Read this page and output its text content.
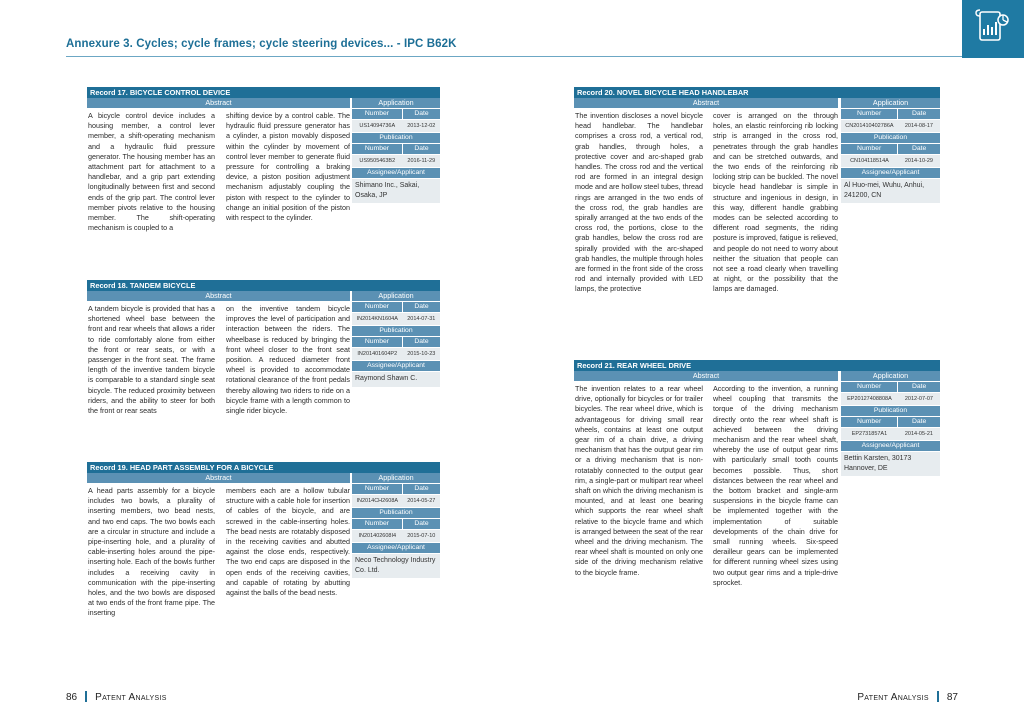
Annexure 3. Cycles; cycle frames; cycle steering devices... - IPC B62K
Record 17. BICYCLE CONTROL DEVICE
Abstract
A bicycle control device includes a housing member, a control lever member, a shift-operating mechanism and a hydraulic fluid pressure generator. The housing member has an attachment part for attachment to a handlebar, and a grip part extending longitudinally between first and second ends of the grip part. The control lever member pivots relative to the housing member. The shift-operating mechanism is coupled to a
shifting device by a control cable. The hydraulic fluid pressure generator has a cylinder, a piston movably disposed within the cylinder by movement of control lever member to generate fluid pressure for controlling a braking device, a piston position adjustment mechanism adjustably coupling the piston with respect to the cylinder to change an initial position of the piston with respect to the cylinder.
Application
Number	Date
US14094736A	2013-12-02
Publication
Number	Date
US9505463B2	2016-11-29
Assignee/Applicant
Shimano Inc., Sakai, Osaka, JP
Record 18. TANDEM BICYCLE
Abstract
A tandem bicycle is provided that has a shortened wheel base between the front and rear wheels that allows a rider to ride comfortably alone from either the front or rear seats, or with a passenger in the front seat. The frame length of the inventive tandem bicycle is comparable to a standard single seat bicycle. The reduced proximity between riders, and the ability to steer for both the front or rear seats
on the inventive tandem bicycle improves the level of participation and interaction between the riders. The wheelbase is reduced by bringing the front wheel closer to the front seat position. A reduced diameter front wheel is provided to accommodate rotational clearance of the front pedals thereby allowing two riders to ride on a bicycle frame with a length common to single rider bicycle.
Application
Number	Date
IN2014KN1604A	2014-07-31
Publication
Number	Date
IN201401604P2	2015-10-23
Assignee/Applicant
Raymond Shawn C.
Record 19. HEAD PART ASSEMBLY FOR A BICYCLE
Abstract
A head parts assembly for a bicycle includes two bowls, a plurality of inserting members, two bead nests, and two end caps. The two bowls each are a circular in structure and include a pipe-inserting hole, and a plurality of cable-inserting holes around the pipe-inserting hole. Each of the bowls further includes a receiving cavity in communication with the pipe-inserting holes, and the two bowls are disposed at two ends of the front frame pipe. The inserting
members each are a hollow tubular structure with a cable hole for insertion of cables of the bicycle, and are screwed in the cable-inserting holes. The bead nests are rotatably disposed in the receiving cavities and abutted against the close ends, respectively. The two end caps are disposed in the open ends of the receiving cavities, and capable of rotating by abutting against the balls of the bead nests.
Application
Number	Date
IN2014CH2608A	2014-05-27
Publication
Number	Date
IN201402608I4	2015-07-10
Assignee/Applicant
Neco Technology Industry Co. Ltd.
Record 20. NOVEL BICYCLE HEAD HANDLEBAR
Abstract
The invention discloses a novel bicycle head handlebar. The handlebar comprises a cross rod, a vertical rod, grab handles, through holes, a protective cover and arc-shaped grab handles. The cross rod and the vertical rod are formed in an integral design mode and are hollow steel tubes, thread rings are arranged in the two ends of the cross rod, the grab handles are spirally arranged at the two ends of the cross rod, the portions, close to the grab handles, below the cross rod are spirally provided with the arc-shaped grab handles, the multiple through holes are formed in the front side of the cross rod and internally provided with LED lamps, the protective
cover is arranged on the through holes, an elastic reinforcing rib locking strip is arranged in the cross rod, penetrates through the grab handles and can be stretched outwards, and the two ends of the reinforcing rib locking strip can be buckled. The novel bicycle head handlebar is simple in structure and ingenious in design, in this way, different handle grabbing modes can be selected according to different road segments, the riding posture is improved, fatigue is relieved, and people do not need to worry about neither the situation that people can not see a road clearly when travelling at night, or the possibility that the lamps are damaged.
Application
Number	Date
CN201410402786A	2014-08-17
Publication
Number	Date
CN104118514A	2014-10-29
Assignee/Applicant
Al Huo-mei, Wuhu, Anhui, 241200, CN
Record 21. REAR WHEEL DRIVE
Abstract
The invention relates to a rear wheel drive, optionally for bicycles or for trailer bicycles. The rear wheel drive, which is advantageous for driving small rear wheels, contains at least one output gear rim of a chain drive, a driving mechanism that has the output gear rim or a driving mechanism that is non-rotatably connected to the output gear rim, a single-part or multipart rear wheel shaft on which the driving mechanism is mounted, and at least one bearing which supports the rear wheel shaft relative to the bicycle frame and which is arranged between the seat of the rear wheel and the driving mechanism. The rear wheel shaft is mounted on only one side of the driving mechanism relative to the bicycle frame.
According to the invention, a running wheel coupling that transmits the torque of the driving mechanism directly onto the rear wheel shaft is achieved between the driving mechanism and the rear wheel shaft, whereby the use of output gear rims with particularly small tooth counts becomes possible. Thus, short distances between the rear wheel and the bottom bracket and single-arm suspensions in the bicycle frame can be implemented together with the implementation of suitable developments of the chain drive for small running wheels. Six-speed derailleur gears can be implemented for different running wheel sizes using two output gear rims and a triple-drive sprocket.
Application
Number	Date
EP20127408808A	2012-07-07
Publication
Number	Date
EP2731857A1	2014-05-21
Assignee/Applicant
Bettin Karsten, 30173 Hannover, DE
86 Patent Analysis	Patent Analysis 87
